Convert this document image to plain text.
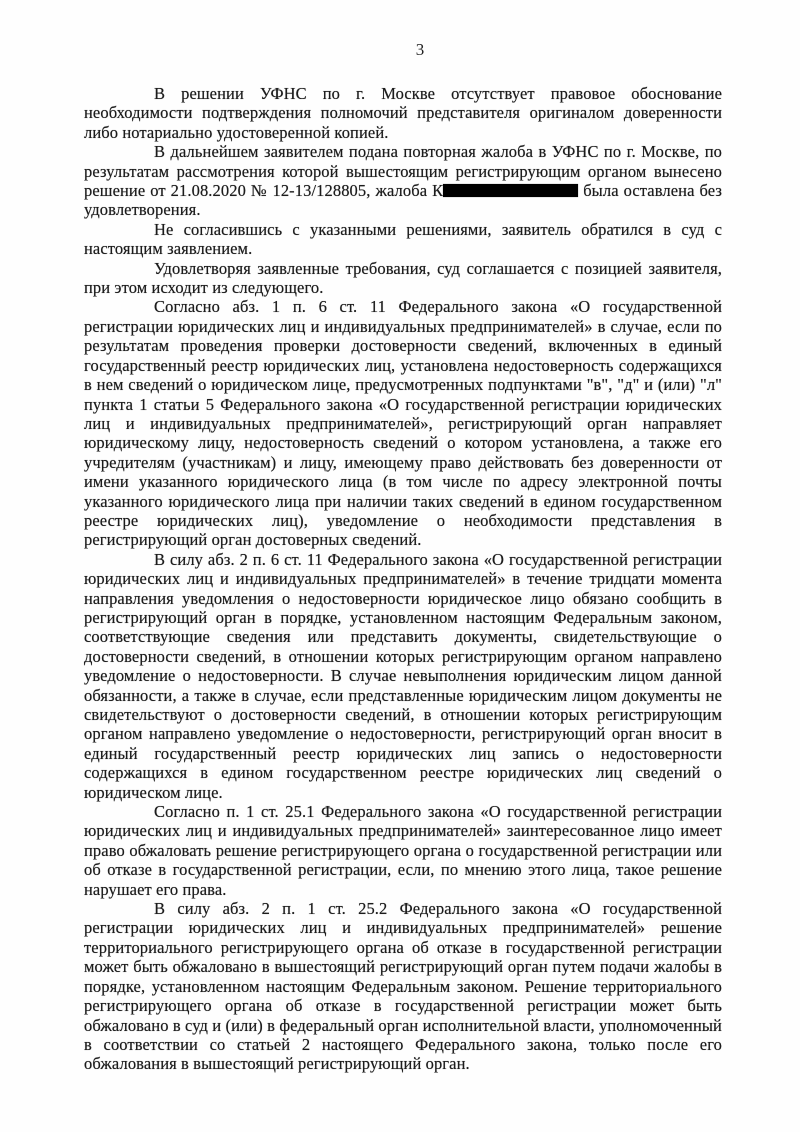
3

В решении УФНС по г. Москве отсутствует правовое обоснование необходимости подтверждения полномочий представителя оригиналом доверенности либо нотариально удостоверенной копией.

В дальнейшем заявителем подана повторная жалоба в УФНС по г. Москве, по результатам рассмотрения которой вышестоящим регистрирующим органом вынесено решение от 21.08.2020 № 12-13/128805, жалоба К	была оставлена без удовлетворения.

Не согласившись с указанными решениями, заявитель обратился в суд с настоящим заявлением.

Удовлетворяя заявленные требования, суд соглашается с позицией заявителя, при этом исходит из следующего.

Согласно абз. 1 п. 6 ст. 11 Федерального закона «О государственной регистрации юридических лиц и индивидуальных предпринимателей» в случае, если по результатам проведения проверки достоверности сведений, включенных в единый государственный реестр юридических лиц, установлена недостоверность содержащихся в нем сведений о юридическом лице, предусмотренных подпунктами "в", "д" и (или) "л" пункта 1 статьи 5 Федерального закона «О государственной регистрации юридических лиц и индивидуальных предпринимателей», регистрирующий орган направляет юридическому лицу, недостоверность сведений о котором установлена, а также его учредителям (участникам) и лицу, имеющему право действовать без доверенности от имени указанного юридического лица (в том числе по адресу электронной почты указанного юридического лица при наличии таких сведений в едином государственном реестре юридических лиц), уведомление о необходимости представления в регистрирующий орган достоверных сведений.

В силу абз. 2 п. 6 ст. 11 Федерального закона «О государственной регистрации юридических лиц и индивидуальных предпринимателей» в течение тридцати момента направления уведомления о недостоверности юридическое лицо обязано сообщить в регистрирующий орган в порядке, установленном настоящим Федеральным законом, соответствующие сведения или представить документы, свидетельствующие о достоверности сведений, в отношении которых регистрирующим органом направлено уведомление о недостоверности. В случае невыполнения юридическим лицом данной обязанности, а также в случае, если представленные юридическим лицом документы не свидетельствуют о достоверности сведений, в отношении которых регистрирующим органом направлено уведомление о недостоверности, регистрирующий орган вносит в единый государственный реестр юридических лиц запись о недостоверности содержащихся в едином государственном реестре юридических лиц сведений о юридическом лице.

Согласно п. 1 ст. 25.1 Федерального закона «О государственной регистрации юридических лиц и индивидуальных предпринимателей» заинтересованное лицо имеет право обжаловать решение регистрирующего органа о государственной регистрации или об отказе в государственной регистрации, если, по мнению этого лица, такое решение нарушает его права.

В силу абз. 2 п. 1 ст. 25.2 Федерального закона «О государственной регистрации юридических лиц и индивидуальных предпринимателей» решение территориального регистрирующего органа об отказе в государственной регистрации может быть обжаловано в вышестоящий регистрирующий орган путем подачи жалобы в порядке, установленном настоящим Федеральным законом. Решение территориального регистрирующего органа об отказе в государственной регистрации может быть обжаловано в суд и (или) в федеральный орган исполнительной власти, уполномоченный в соответствии со статьей 2 настоящего Федерального закона, только после его обжалования в вышестоящий регистрирующий орган.
